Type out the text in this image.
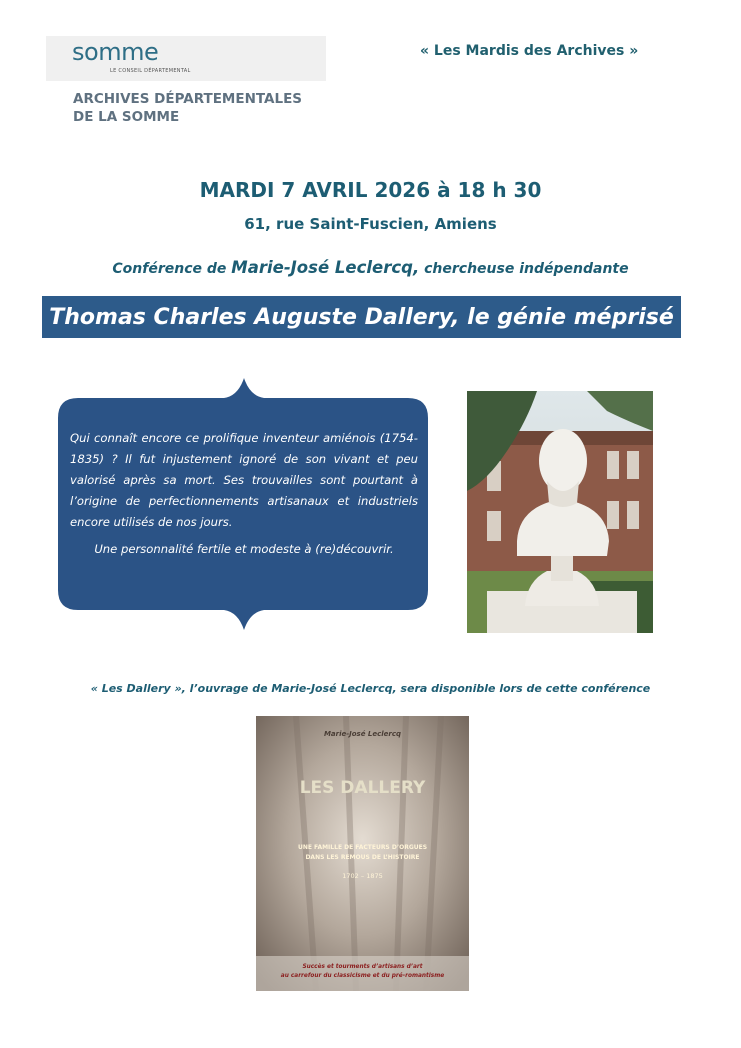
somme
LE CONSEIL DÉPARTEMENTAL
ARCHIVES DÉPARTEMENTALES
DE LA SOMME
« Les Mardis des Archives »
MARDI 7 AVRIL 2026 à 18 h 30
61, rue Saint-Fuscien, Amiens
Conférence de Marie-José Leclercq, chercheuse indépendante
Thomas Charles Auguste Dallery, le génie méprisé

Qui connaît encore ce prolifique inventeur amiénois (1754-1835) ? Il fut injustement ignoré de son vivant et peu valorisé après sa mort. Ses trouvailles sont pourtant à l’origine de perfectionnements artisanaux et industriels encore utilisés de nos jours.

Une personnalité fertile et modeste à (re)découvrir.

« Les Dallery », l’ouvrage de Marie-José Leclercq, sera disponible lors de cette conférence
Marie-José Leclercq
LES DALLERY
UNE FAMILLE DE FACTEURS D’ORGUES
DANS LES REMOUS DE L’HISTOIRE
1702 – 1875
Succès et tourments d’artisans d’art
au carrefour du classicisme et du pré-romantisme
